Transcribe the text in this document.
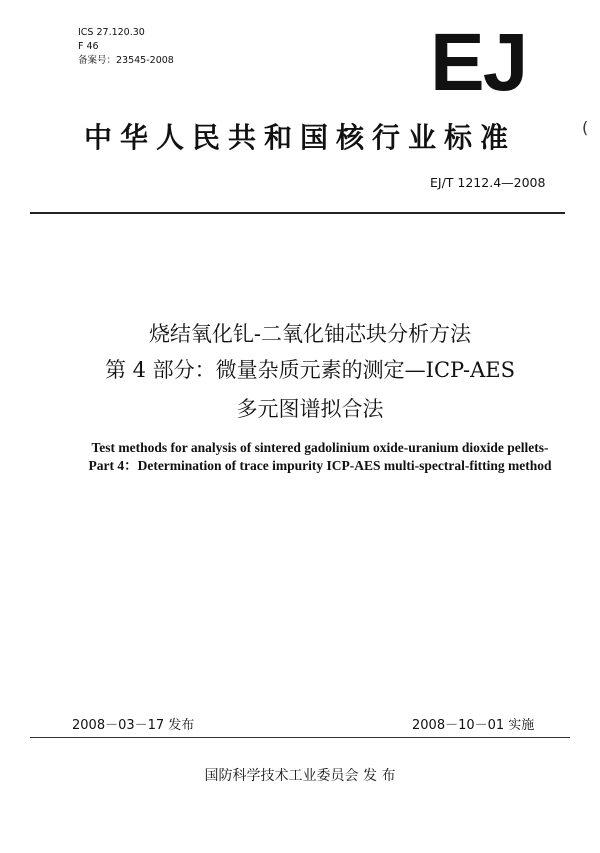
ICS 27.120.30
F 46
备案号：23545-2008	EJ
中华人民共和国核行业标准	(
EJ/T 1212.4—2008
烧结氧化钆-二氧化铀芯块分析方法
第 4 部分：微量杂质元素的测定—ICP-AES
多元图谱拟合法
Test methods for analysis of sintered gadolinium oxide-uranium dioxide pellets-
Part 4：Determination of trace impurity ICP-AES multi-spectral-fitting method
2008－03－17 发布	2008－10－01 实施
国防科学技术工业委员会 发 布
